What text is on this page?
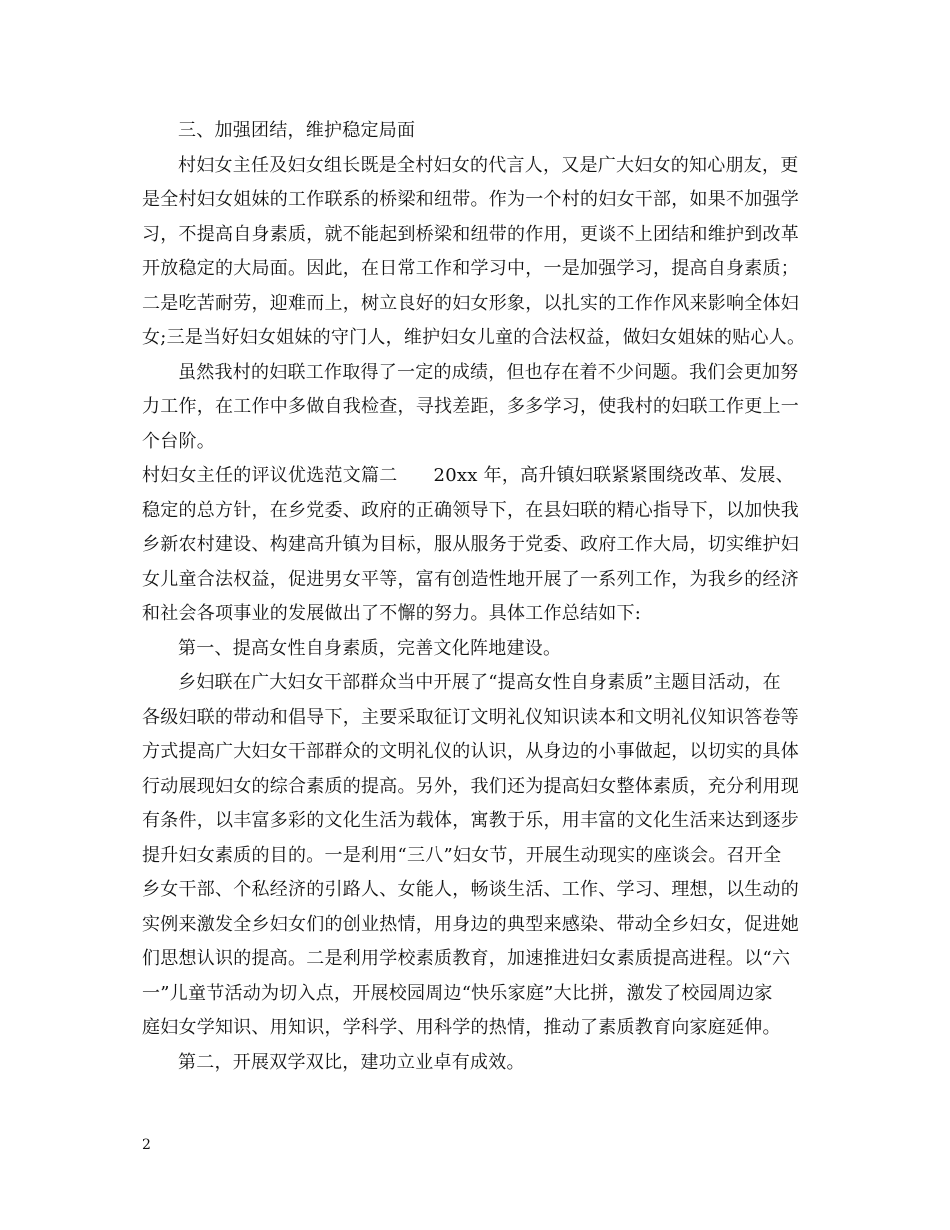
三、加强团结，维护稳定局面
村妇女主任及妇女组长既是全村妇女的代言人，又是广大妇女的知心朋友，更
是全村妇女姐妹的工作联系的桥梁和纽带。作为一个村的妇女干部，如果不加强学
习，不提高自身素质，就不能起到桥梁和纽带的作用，更谈不上团结和维护到改革
开放稳定的大局面。因此，在日常工作和学习中，一是加强学习，提高自身素质；
二是吃苦耐劳，迎难而上，树立良好的妇女形象，以扎实的工作作风来影响全体妇
女;三是当好妇女姐妹的守门人，维护妇女儿童的合法权益，做妇女姐妹的贴心人。
虽然我村的妇联工作取得了一定的成绩，但也存在着不少问题。我们会更加努
力工作，在工作中多做自我检查，寻找差距，多多学习，使我村的妇联工作更上一
个台阶。
村妇女主任的评议优选范文篇二 20xx 年，高升镇妇联紧紧围绕改革、发展、
稳定的总方针，在乡党委、政府的正确领导下，在县妇联的精心指导下，以加快我
乡新农村建设、构建高升镇为目标，服从服务于党委、政府工作大局，切实维护妇
女儿童合法权益，促进男女平等，富有创造性地开展了一系列工作，为我乡的经济
和社会各项事业的发展做出了不懈的努力。具体工作总结如下:
第一、提高女性自身素质，完善文化阵地建设。
乡妇联在广大妇女干部群众当中开展了“提高女性自身素质”主题目活动，在
各级妇联的带动和倡导下，主要采取征订文明礼仪知识读本和文明礼仪知识答卷等
方式提高广大妇女干部群众的文明礼仪的认识，从身边的小事做起，以切实的具体
行动展现妇女的综合素质的提高。另外，我们还为提高妇女整体素质，充分利用现
有条件，以丰富多彩的文化生活为载体，寓教于乐，用丰富的文化生活来达到逐步
提升妇女素质的目的。一是利用“三八”妇女节，开展生动现实的座谈会。召开全
乡女干部、个私经济的引路人、女能人，畅谈生活、工作、学习、理想，以生动的
实例来激发全乡妇女们的创业热情，用身边的典型来感染、带动全乡妇女，促进她
们思想认识的提高。二是利用学校素质教育，加速推进妇女素质提高进程。以“六
一”儿童节活动为切入点，开展校园周边“快乐家庭”大比拼，激发了校园周边家
庭妇女学知识、用知识，学科学、用科学的热情，推动了素质教育向家庭延伸。
第二，开展双学双比，建功立业卓有成效。
2
